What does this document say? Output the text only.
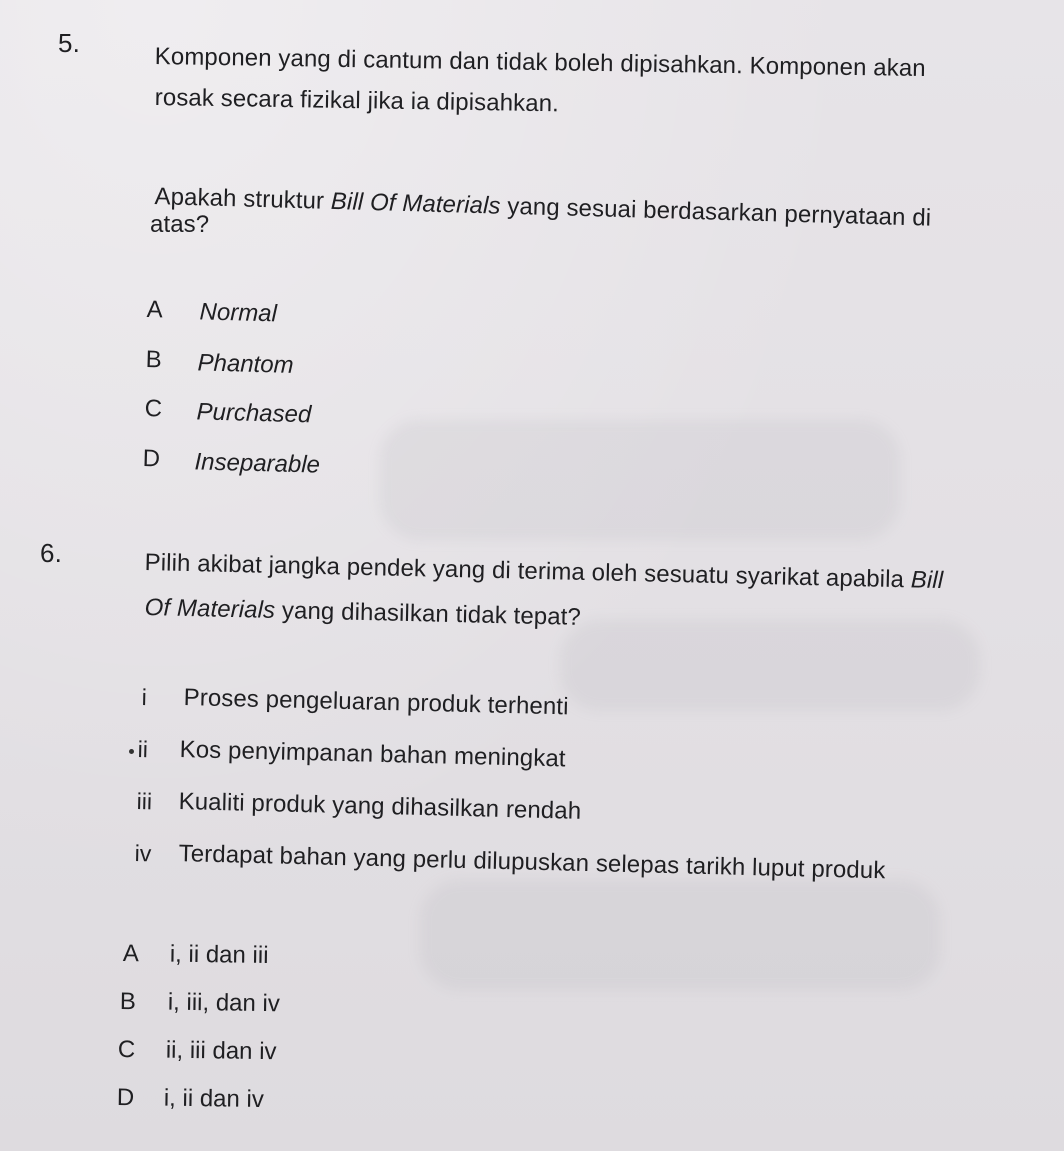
5.	Komponen yang di cantum dan tidak boleh dipisahkan. Komponen akan
rosak secara fizikal jika ia dipisahkan.
Apakah struktur Bill Of Materials yang sesuai berdasarkan pernyataan di
atas?
A Normal
B Phantom
C Purchased
D Inseparable
6.	Pilih akibat jangka pendek yang di terima oleh sesuatu syarikat apabila Bill
Of Materials yang dihasilkan tidak tepat?
i Proses pengeluaran produk terhenti
ii Kos penyimpanan bahan meningkat
iii Kualiti produk yang dihasilkan rendah
iv Terdapat bahan yang perlu dilupuskan selepas tarikh luput produk
A i, ii dan iii
B i, iii, dan iv
C ii, iii dan iv
D i, ii dan iv
